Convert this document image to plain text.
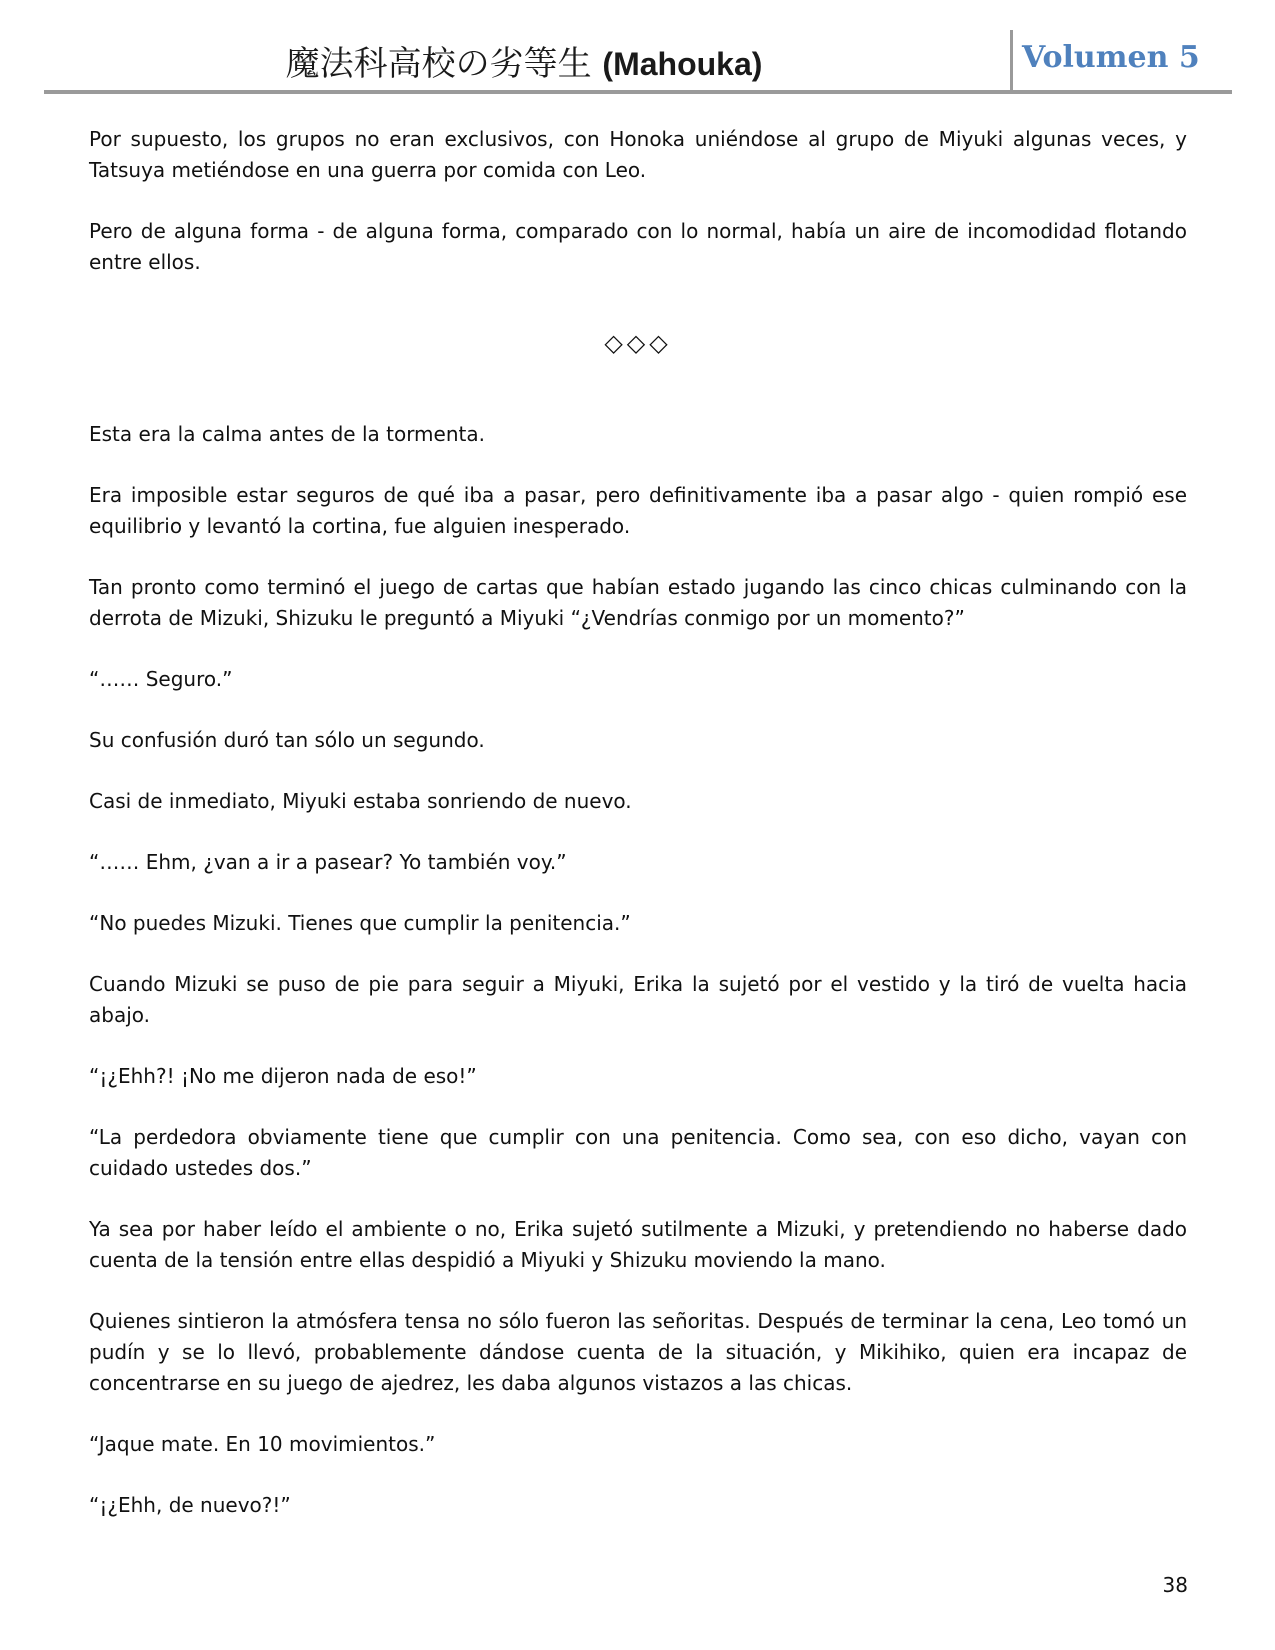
魔法科高校の劣等生 (Mahouka)	Volumen 5

Por supuesto, los grupos no eran exclusivos, con Honoka uniéndose al grupo de Miyuki algunas veces, y Tatsuya metiéndose en una guerra por comida con Leo.

Pero de alguna forma - de alguna forma, comparado con lo normal, había un aire de incomodidad flotando entre ellos.

◇◇◇

Esta era la calma antes de la tormenta.

Era imposible estar seguros de qué iba a pasar, pero definitivamente iba a pasar algo - quien rompió ese equilibrio y levantó la cortina, fue alguien inesperado.

Tan pronto como terminó el juego de cartas que habían estado jugando las cinco chicas culminando con la derrota de Mizuki, Shizuku le preguntó a Miyuki “¿Vendrías conmigo por un momento?”

“…… Seguro.”

Su confusión duró tan sólo un segundo.

Casi de inmediato, Miyuki estaba sonriendo de nuevo.

“…… Ehm, ¿van a ir a pasear? Yo también voy.”

“No puedes Mizuki. Tienes que cumplir la penitencia.”

Cuando Mizuki se puso de pie para seguir a Miyuki, Erika la sujetó por el vestido y la tiró de vuelta hacia abajo.

“¡¿Ehh?! ¡No me dijeron nada de eso!”

“La perdedora obviamente tiene que cumplir con una penitencia. Como sea, con eso dicho, vayan con cuidado ustedes dos.”

Ya sea por haber leído el ambiente o no, Erika sujetó sutilmente a Mizuki, y pretendiendo no haberse dado cuenta de la tensión entre ellas despidió a Miyuki y Shizuku moviendo la mano.

Quienes sintieron la atmósfera tensa no sólo fueron las señoritas. Después de terminar la cena, Leo tomó un pudín y se lo llevó, probablemente dándose cuenta de la situación, y Mikihiko, quien era incapaz de concentrarse en su juego de ajedrez, les daba algunos vistazos a las chicas.

“Jaque mate. En 10 movimientos.”

“¡¿Ehh, de nuevo?!”

38
